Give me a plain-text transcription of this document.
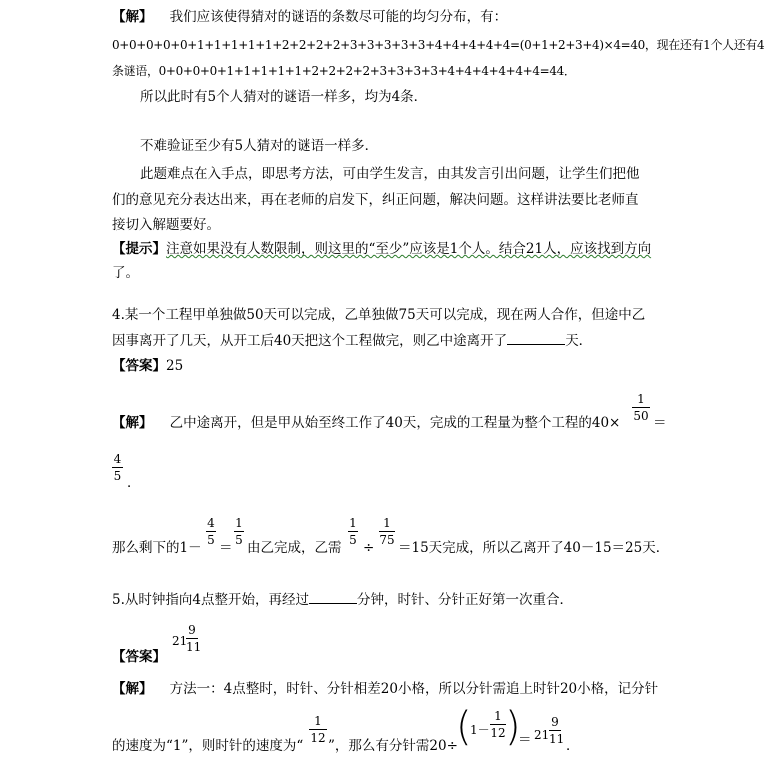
【解】 我们应该使得猜对的谜语的条数尽可能的均匀分布，有：
0+0+0+0+0+1+1+1+1+1+2+2+2+2+3+3+3+3+3+4+4+4+4+4=(0+1+2+3+4)×4=40，现在还有1个人还有4
条谜语，0+0+0+0+1+1+1+1+1+2+2+2+2+3+3+3+3+4+4+4+4+4+4=44．
所以此时有5个人猜对的谜语一样多，均为4条．
不难验证至少有5人猜对的谜语一样多．
此题难点在入手点，即思考方法，可由学生发言，由其发言引出问题，让学生们把他
们的意见充分表达出来，再在老师的启发下，纠正问题，解决问题。这样讲法要比老师直
接切入解题要好。
【提示】注意如果没有人数限制，则这里的“至少”应该是1个人。结合21人，应该找到方向
了。
4.某一个工程甲单独做50天可以完成，乙单独做75天可以完成，现在两人合作，但途中乙
因事离开了几天，从开工后40天把这个工程做完，则乙中途离开了	天．
【答案】25
【解】 乙中途离开，但是甲从始至终工作了40天，完成的工程量为整个工程的40×
1
50 ＝
4
5 ．
那么剩下的1－
4
5 ＝
1
5 由乙完成，乙需
1
5 ÷
1
75 ＝15天完成，所以乙离开了40－15＝25天．
5.从时钟指向4点整开始，再经过	分钟，时针、分针正好第一次重合．
【答案】
21
9
11
【解】 方法一：4点整时，时针、分针相差20小格，所以分针需追上时针20小格，记分针
的速度为“1”，则时针的速度为“
1
12 ”，那么有分针需20÷
(
1－
1
12 )
＝ 21
9
11 ．
